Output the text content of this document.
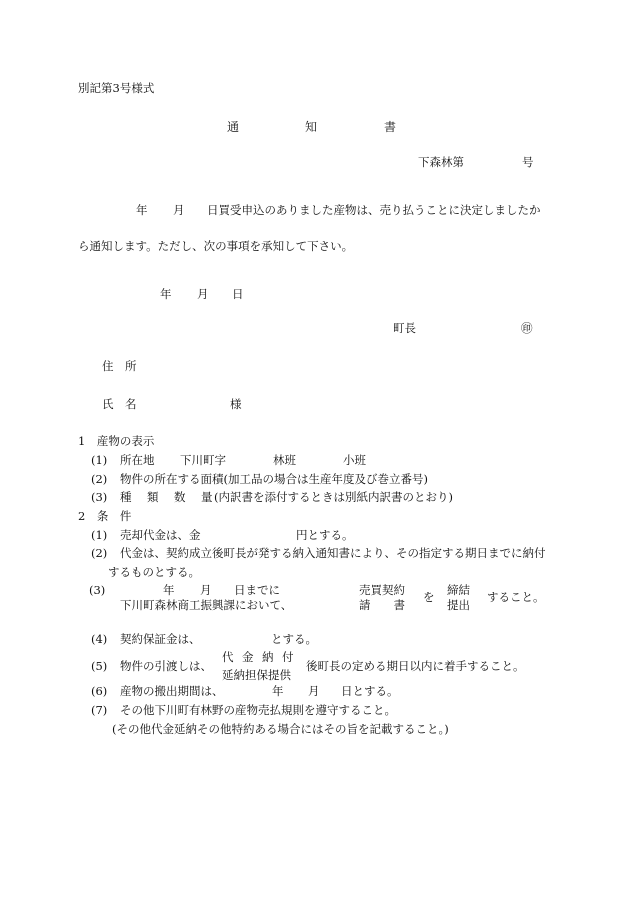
別記第3号様式
通	知	書
下森林第	号
年 月 日買受申込のありました産物は、売り払うことに決定しましたか
ら通知します。ただし、次の事項を承知して下さい。
年 月 日
町長	㊞
住　所
氏　名	様
1　産物の表示
(1) 所在地 下川町字	林班	小班
(2) 物件の所在する面積(加工品の場合は生産年度及び巻立番号)
(3) 種　類　数　量 (内訳書を添付するときは別紙内訳書のとおり)
2　条　件
(1) 売却代金は、金	円とする。
(2) 代金は、契約成立後町長が発する納入通知書により、その指定する期日までに納付
するものとする。
(3)	年 月 日までに
下川町森林商工振興課において、
売買契約
請　　書
を 締結
提出
すること。
(4) 契約保証金は、	とする。
(5) 物件の引渡しは、
代　金　納　付
延納担保提供
後町長の定める期日以内に着手すること。
(6) 産物の搬出期間は、	年 月 日とする。
(7) その他下川町有林野の産物売払規則を遵守すること。
(その他代金延納その他特約ある場合にはその旨を記載すること。)
